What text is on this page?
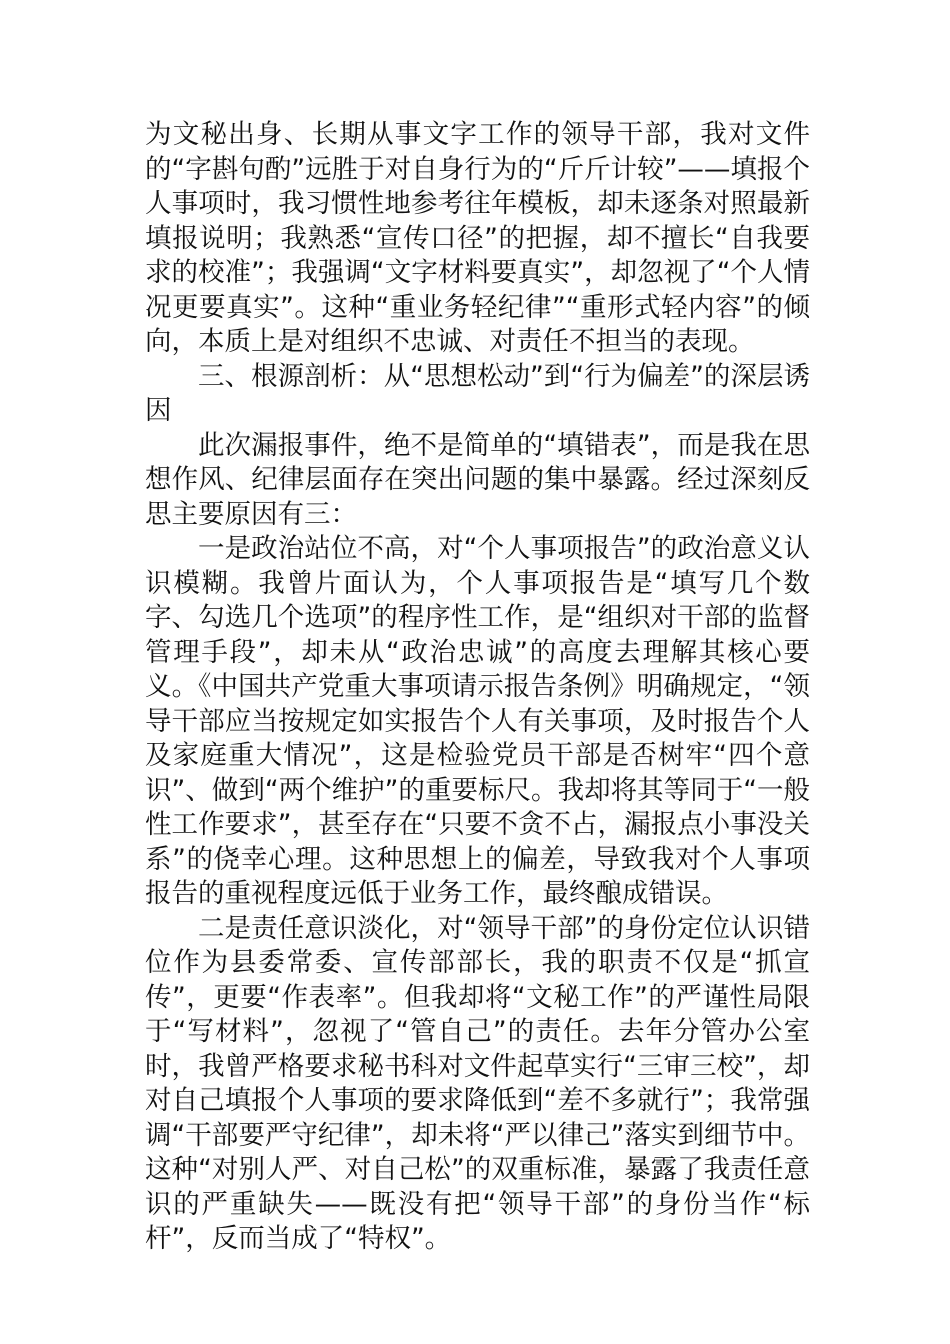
为文秘出身、长期从事文字工作的领导干部，我对文件的“字斟句酌”远胜于对自身行为的“斤斤计较”——填报个人事项时，我习惯性地参考往年模板，却未逐条对照最新填报说明；我熟悉“宣传口径”的把握，却不擅长“自我要求的校准”；我强调“文字材料要真实”，却忽视了“个人情况更要真实”。这种“重业务轻纪律”“重形式轻内容”的倾向，本质上是对组织不忠诚、对责任不担当的表现。

三、根源剖析：从“思想松动”到“行为偏差”的深层诱因

此次漏报事件，绝不是简单的“填错表”，而是我在思想作风、纪律层面存在突出问题的集中暴露。经过深刻反思主要原因有三：

一是政治站位不高，对“个人事项报告”的政治意义认识模糊。我曾片面认为，个人事项报告是“填写几个数字、勾选几个选项”的程序性工作，是“组织对干部的监督管理手段”，却未从“政治忠诚”的高度去理解其核心要义。《中国共产党重大事项请示报告条例》明确规定，“领导干部应当按规定如实报告个人有关事项，及时报告个人及家庭重大情况”，这是检验党员干部是否树牢“四个意识”、做到“两个维护”的重要标尺。我却将其等同于“一般性工作要求”，甚至存在“只要不贪不占，漏报点小事没关系”的侥幸心理。这种思想上的偏差，导致我对个人事项报告的重视程度远低于业务工作，最终酿成错误。

二是责任意识淡化，对“领导干部”的身份定位认识错位作为县委常委、宣传部部长，我的职责不仅是“抓宣传”，更要“作表率”。但我却将“文秘工作”的严谨性局限于“写材料”，忽视了“管自己”的责任。去年分管办公室时，我曾严格要求秘书科对文件起草实行“三审三校”，却对自己填报个人事项的要求降低到“差不多就行”；我常强调“干部要严守纪律”，却未将“严以律己”落实到细节中。这种“对别人严、对自己松”的双重标准，暴露了我责任意识的严重缺失——既没有把“领导干部”的身份当作“标杆”，反而当成了“特权”。
